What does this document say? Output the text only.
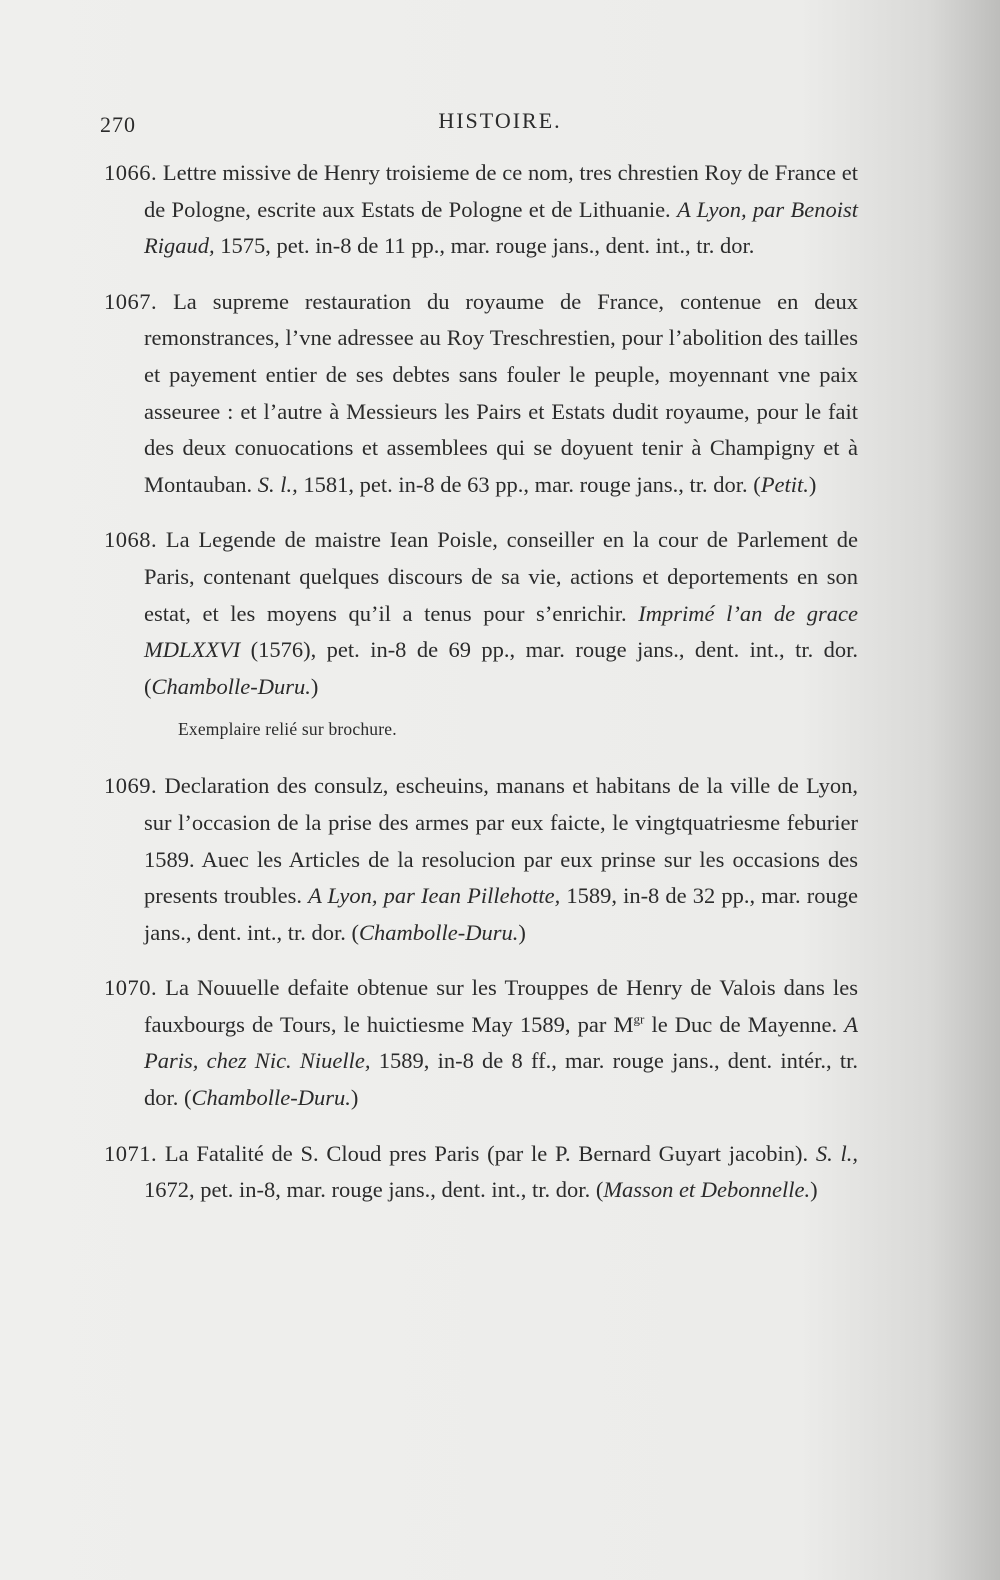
270	HISTOIRE.

1066. Lettre missive de Henry troisieme de ce nom, tres chrestien Roy de France et de Pologne, escrite aux Estats de Pologne et de Lithuanie. A Lyon, par Benoist Rigaud, 1575, pet. in-8 de 11 pp., mar. rouge jans., dent. int., tr. dor.

1067. La supreme restauration du royaume de France, contenue en deux remonstrances, l’vne adressee au Roy Treschrestien, pour l’abolition des tailles et payement entier de ses debtes sans fouler le peuple, moyennant vne paix asseuree : et l’autre à Messieurs les Pairs et Estats dudit royaume, pour le fait des deux conuocations et assemblees qui se doyuent tenir à Champigny et à Montauban. S. l., 1581, pet. in-8 de 63 pp., mar. rouge jans., tr. dor. (Petit.)

1068. La Legende de maistre Iean Poisle, conseiller en la cour de Parlement de Paris, contenant quelques discours de sa vie, actions et deportements en son estat, et les moyens qu’il a tenus pour s’enrichir. Imprimé l’an de grace MDLXXVI (1576), pet. in-8 de 69 pp., mar. rouge jans., dent. int., tr. dor. (Chambolle-Duru.)

Exemplaire relié sur brochure.

1069. Declaration des consulz, escheuins, manans et habitans de la ville de Lyon, sur l’occasion de la prise des armes par eux faicte, le vingtquatriesme feburier 1589. Auec les Articles de la resolucion par eux prinse sur les occasions des presents troubles. A Lyon, par Iean Pillehotte, 1589, in-8 de 32 pp., mar. rouge jans., dent. int., tr. dor. (Chambolle-Duru.)

1070. La Nouuelle defaite obtenue sur les Trouppes de Henry de Valois dans les fauxbourgs de Tours, le huictiesme May 1589, par $M^{gr}$ le Duc de Mayenne. A Paris, chez Nic. Niuelle, 1589, in-8 de 8 ff., mar. rouge jans., dent. intér., tr. dor. (Chambolle-Duru.)

1071. La Fatalité de S. Cloud pres Paris (par le P. Bernard Guyart jacobin). S. l., 1672, pet. in-8, mar. rouge jans., dent. int., tr. dor. (Masson et Debonnelle.)
